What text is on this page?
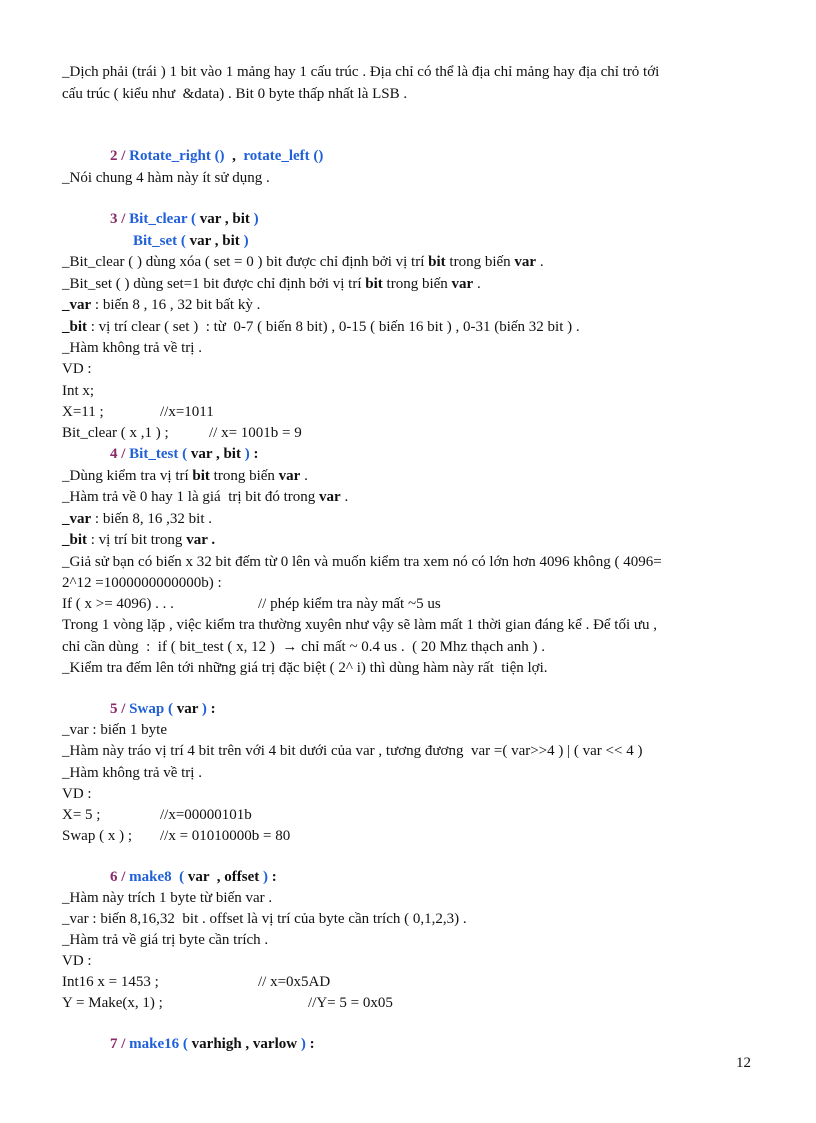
_Dịch phải (trái ) 1 bit vào 1 mảng hay 1 cấu trúc . Địa chỉ có thể là địa chỉ mảng hay địa chỉ trỏ tới
cấu trúc ( kiểu như  &data) . Bit 0 byte thấp nhất là LSB .
2 / Rotate_right ()  ,  rotate_left ()
_Nói chung 4 hàm này ít sử dụng .
3 / Bit_clear ( var , bit )
Bit_set ( var , bit )
_Bit_clear ( ) dùng xóa ( set = 0 ) bit được chỉ định bởi vị trí bit trong biến var .
_Bit_set ( ) dùng set=1 bit được chỉ định bởi vị trí bit trong biến var .
_var : biến 8 , 16 , 32 bit bất kỳ .
_bit : vị trí clear ( set )  : từ  0-7 ( biến 8 bit) , 0-15 ( biến 16 bit ) , 0-31 (biến 32 bit ) .
_Hàm không trả về trị .
VD :
Int x;
X=11 ;	//x=1011
Bit_clear ( x ,1 ) ;	// x= 1001b = 9
4 / Bit_test ( var , bit ) :
_Dùng kiểm tra vị trí bit trong biến var .
_Hàm trả về 0 hay 1 là giá  trị bit đó trong var .
_var : biến 8, 16 ,32 bit .
_bit : vị trí bit trong var .
_Giả sử bạn có biến x 32 bit đếm từ 0 lên và muốn kiểm tra xem nó có lớn hơn 4096 không ( 4096=
2^12 =1000000000000b) :
If ( x >= 4096) . . .	// phép kiểm tra này mất ~5 us
Trong 1 vòng lặp , việc kiểm tra thường xuyên như vậy sẽ làm mất 1 thời gian đáng kể . Để tối ưu ,
chỉ cần dùng  :  if ( bit_test ( x, 12 )  → chỉ mất ~ 0.4 us .  ( 20 Mhz thạch anh ) .
_Kiểm tra đếm lên tới những giá trị đặc biệt ( 2^ i) thì dùng hàm này rất  tiện lợi.
5 / Swap ( var ) :
_var : biến 1 byte
_Hàm này tráo vị trí 4 bit trên với 4 bit dưới của var , tương đương  var =( var>>4 ) | ( var << 4 )
_Hàm không trả về trị .
VD :
X= 5 ;	//x=00000101b
Swap ( x ) ; //x = 01010000b = 80
6 / make8  ( var  , offset ) :
_Hàm này trích 1 byte từ biến var .
_var : biến 8,16,32  bit . offset là vị trí của byte cần trích ( 0,1,2,3) .
_Hàm trả về giá trị byte cần trích .
VD :
Int16 x = 1453 ;	// x=0x5AD
Y = Make(x, 1) ;	//Y= 5 = 0x05
7 / make16 ( varhigh , varlow ) :
12
